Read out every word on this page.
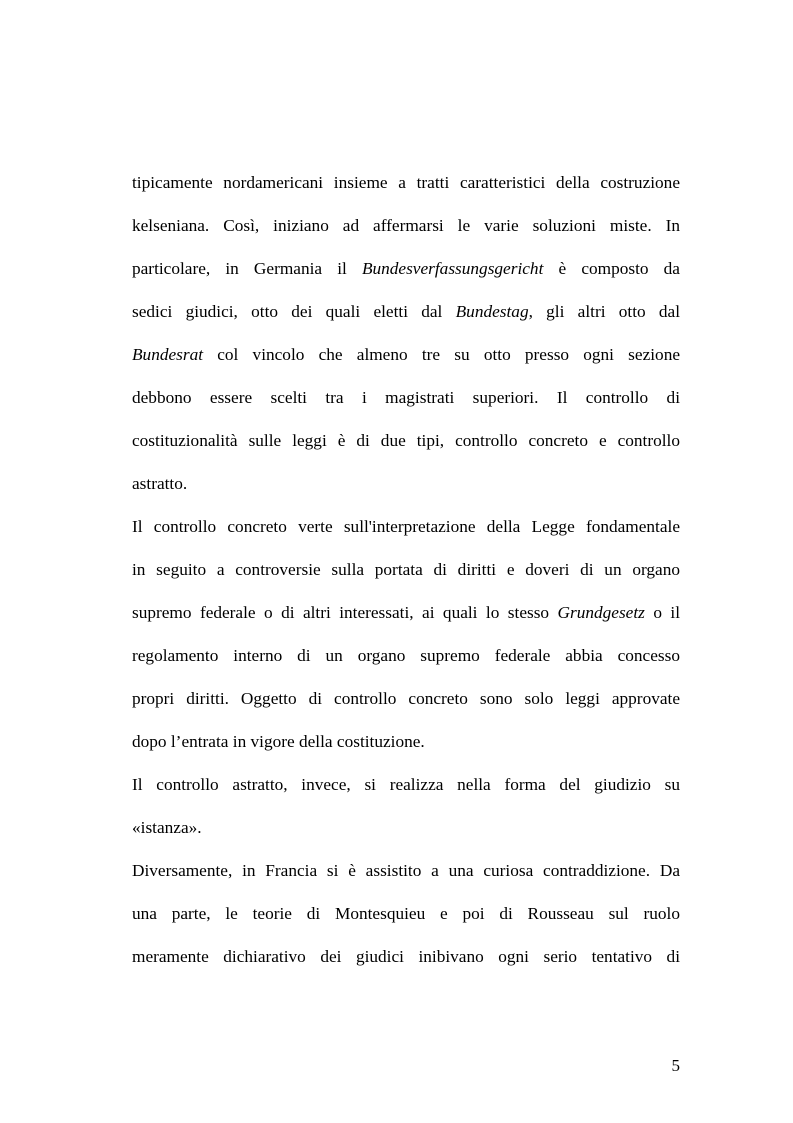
tipicamente nordamericani insieme a tratti caratteristici della costruzione
kelseniana. Così, iniziano ad affermarsi le varie soluzioni miste. In
particolare, in Germania il Bundesverfassungsgericht è composto da
sedici giudici, otto dei quali eletti dal Bundestag, gli altri otto dal
Bundesrat col vincolo che almeno tre su otto presso ogni sezione
debbono essere scelti tra i magistrati superiori. Il controllo di
costituzionalità sulle leggi è di due tipi, controllo concreto e controllo
astratto.
Il controllo concreto verte sull'interpretazione della Legge fondamentale
in seguito a controversie sulla portata di diritti e doveri di un organo
supremo federale o di altri interessati, ai quali lo stesso Grundgesetz o il
regolamento interno di un organo supremo federale abbia concesso
propri diritti. Oggetto di controllo concreto sono solo leggi approvate
dopo l’entrata in vigore della costituzione.
Il controllo astratto, invece, si realizza nella forma del giudizio su
«istanza».
Diversamente, in Francia si è assistito a una curiosa contraddizione. Da
una parte, le teorie di Montesquieu e poi di Rousseau sul ruolo
meramente dichiarativo dei giudici inibivano ogni serio tentativo di
5
